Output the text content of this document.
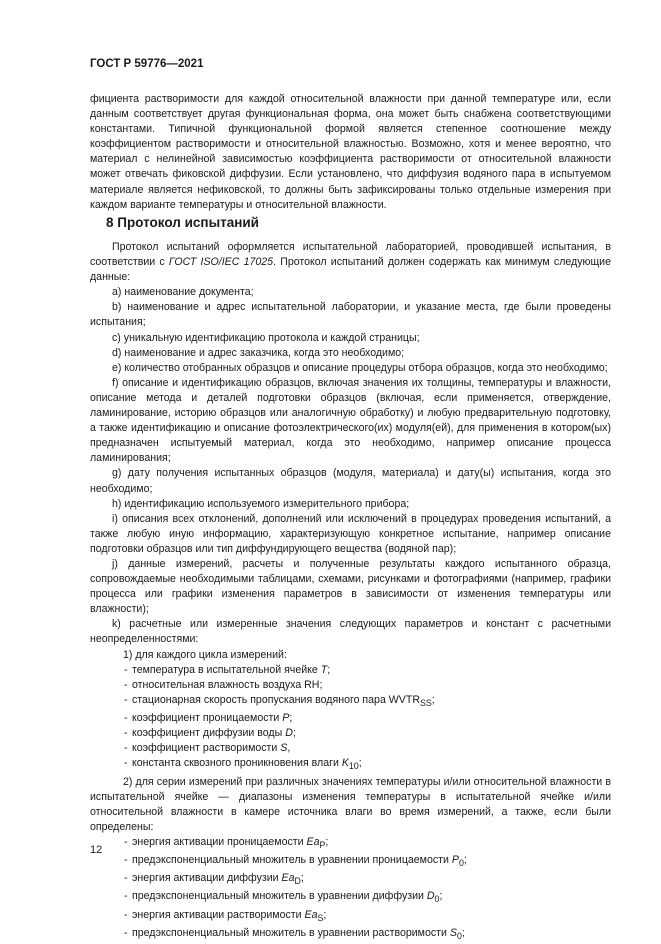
ГОСТ Р 59776—2021

фициента растворимости для каждой относительной влажности при данной температуре или, если данным соответствует другая функциональная форма, она может быть снабжена соответствующими константами. Типичной функциональной формой является степенное соотношение между коэффициентом растворимости и относительной влажностью. Возможно, хотя и менее вероятно, что материал с нелинейной зависимостью коэффициента растворимости от относительной влажности может отвечать фиковской диффузии. Если установлено, что диффузия водяного пара в испытуемом материале является нефиковской, то должны быть зафиксированы только отдельные измерения при каждом варианте температуры и относительной влажности.

8 Протокол испытаний

Протокол испытаний оформляется испытательной лабораторией, проводившей испытания, в соответствии с ГОСТ ISO/IEC 17025. Протокол испытаний должен содержать как минимум следующие данные:

a) наименование документа;

b) наименование и адрес испытательной лаборатории, и указание места, где были проведены испытания;

c) уникальную идентификацию протокола и каждой страницы;

d) наименование и адрес заказчика, когда это необходимо;

e) количество отобранных образцов и описание процедуры отбора образцов, когда это необходимо;

f) описание и идентификацию образцов, включая значения их толщины, температуры и влажности, описание метода и деталей подготовки образцов (включая, если применяется, отверждение, ламинирование, историю образцов или аналогичную обработку) и любую предварительную подготовку, а также идентификацию и описание фотоэлектрического(их) модуля(ей), для применения в котором(ых) предназначен испытуемый материал, когда это необходимо, например описание процесса ламинирования;

g) дату получения испытанных образцов (модуля, материала) и дату(ы) испытания, когда это необходимо;

h) идентификацию используемого измерительного прибора;

i) описания всех отклонений, дополнений или исключений в процедурах проведения испытаний, а также любую иную информацию, характеризующую конкретное испытание, например описание подготовки образцов или тип диффундирующего вещества (водяной пар);

j) данные измерений, расчеты и полученные результаты каждого испытанного образца, сопровождаемые необходимыми таблицами, схемами, рисунками и фотографиями (например, графики процесса или графики изменения параметров в зависимости от изменения температуры или влажности);

k) расчетные или измеренные значения следующих параметров и констант с расчетными неопределенностями:

1) для каждого цикла измерений:

- температура в испытательной ячейке T;

- относительная влажность воздуха RH;

- стационарная скорость пропускания водяного пара $WVTR_{SS}$;

- коэффициент проницаемости P;

- коэффициент диффузии воды D;

- коэффициент растворимости S,

- константа сквозного проникновения влаги $K_{10}$;

2) для серии измерений при различных значениях температуры и/или относительной влажности в испытательной ячейке — диапазоны изменения температуры в испытательной ячейке и/или относительной влажности в камере источника влаги во время измерений, а также, если были определены:

- энергия активации проницаемости $Ea_P$;

- предэкспоненциальный множитель в уравнении проницаемости $P_0$;

- энергия активации диффузии $Ea_D$;

- предэкспоненциальный множитель в уравнении диффузии $D_0$;

- энергия активации растворимости $Ea_S$;

- предэкспоненциальный множитель в уравнении растворимости $S_0$;

12
